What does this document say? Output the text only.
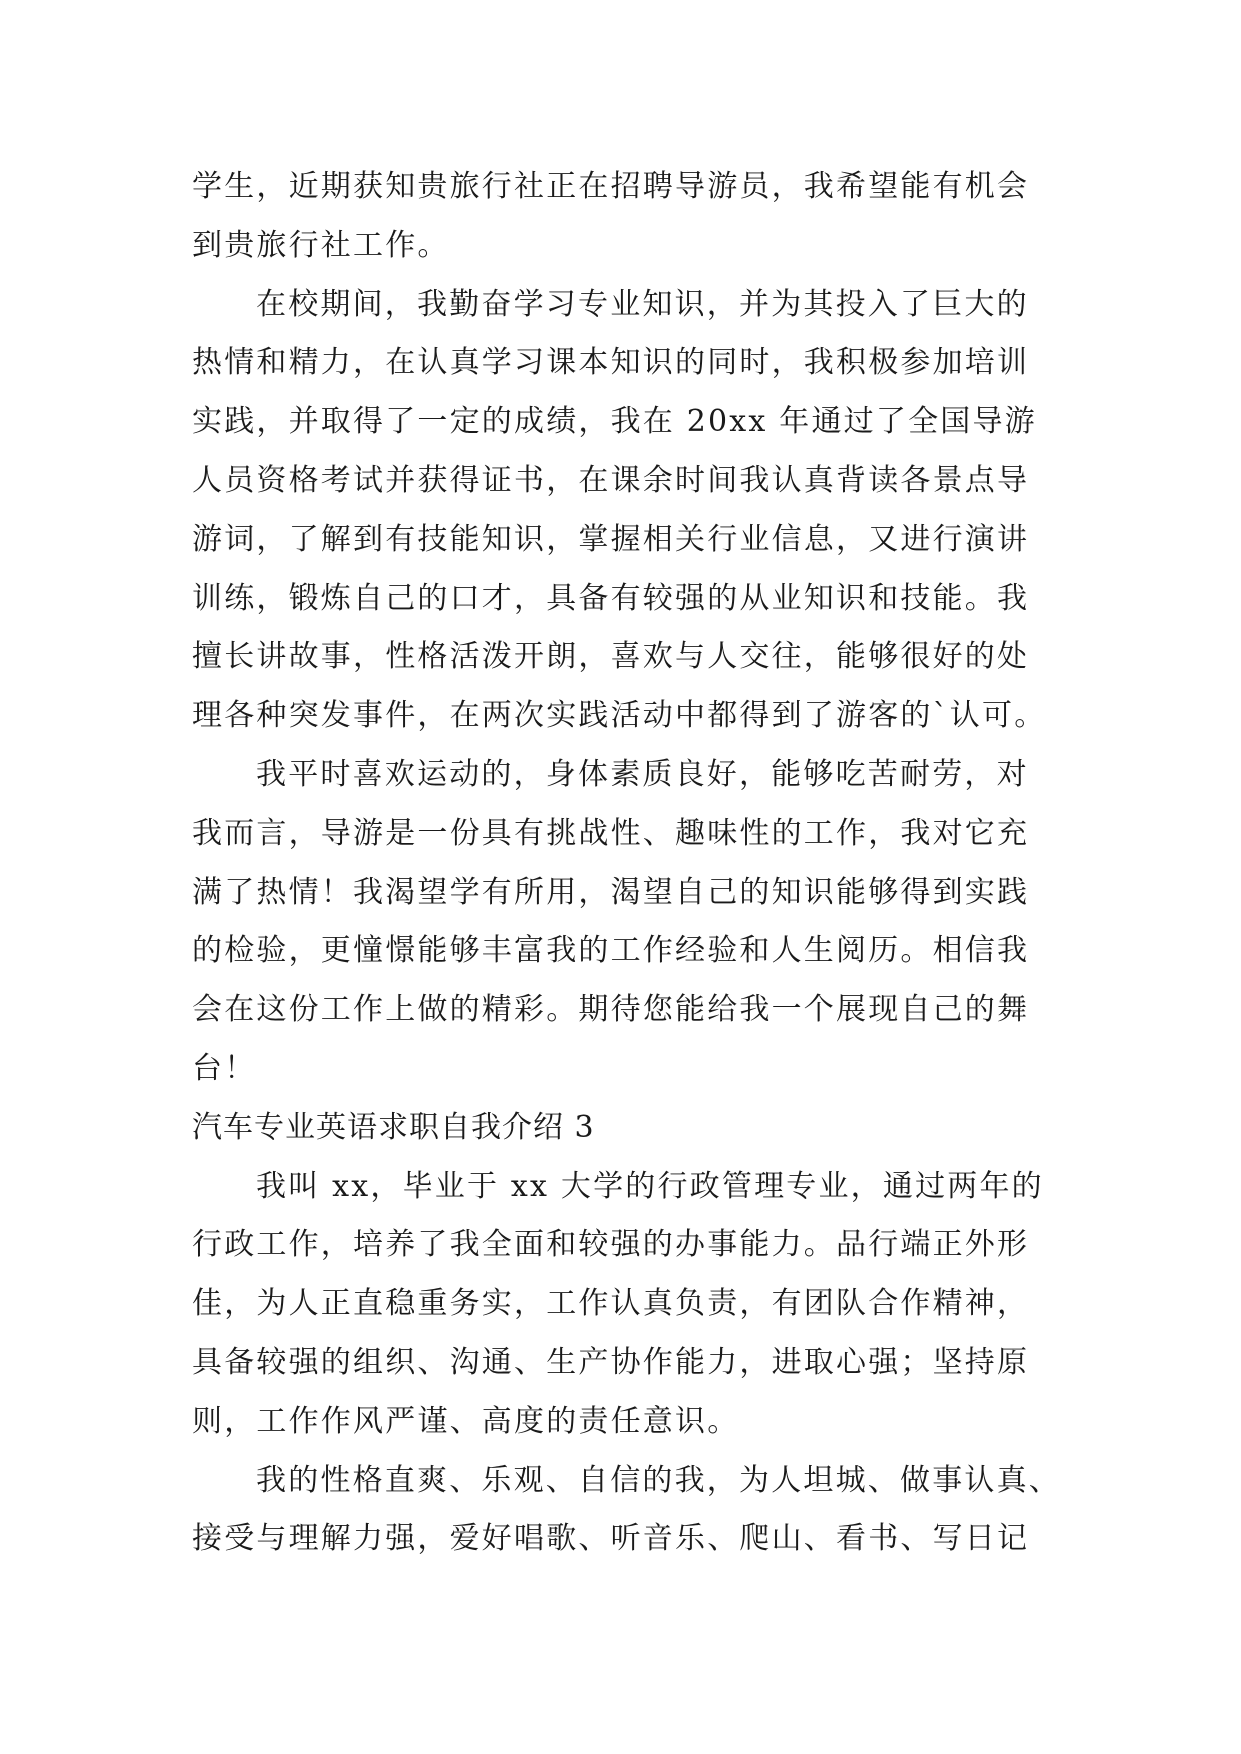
学生，近期获知贵旅行社正在招聘导游员，我希望能有机会
到贵旅行社工作。
在校期间，我勤奋学习专业知识，并为其投入了巨大的
热情和精力，在认真学习课本知识的同时，我积极参加培训
实践，并取得了一定的成绩，我在 20xx 年通过了全国导游
人员资格考试并获得证书，在课余时间我认真背读各景点导
游词，了解到有技能知识，掌握相关行业信息，又进行演讲
训练，锻炼自己的口才，具备有较强的从业知识和技能。我
擅长讲故事，性格活泼开朗，喜欢与人交往，能够很好的处
理各种突发事件，在两次实践活动中都得到了游客的`认可。
我平时喜欢运动的，身体素质良好，能够吃苦耐劳，对
我而言，导游是一份具有挑战性、趣味性的工作，我对它充
满了热情！我渴望学有所用，渴望自己的知识能够得到实践
的检验，更憧憬能够丰富我的工作经验和人生阅历。相信我
会在这份工作上做的精彩。期待您能给我一个展现自己的舞
台！
汽车专业英语求职自我介绍 3
我叫 xx，毕业于 xx 大学的行政管理专业，通过两年的
行政工作，培养了我全面和较强的办事能力。品行端正外形
佳，为人正直稳重务实，工作认真负责，有团队合作精神，
具备较强的组织、沟通、生产协作能力，进取心强；坚持原
则，工作作风严谨、高度的责任意识。
我的性格直爽、乐观、自信的我，为人坦城、做事认真、
接受与理解力强，爱好唱歌、听音乐、爬山、看书、写日记
